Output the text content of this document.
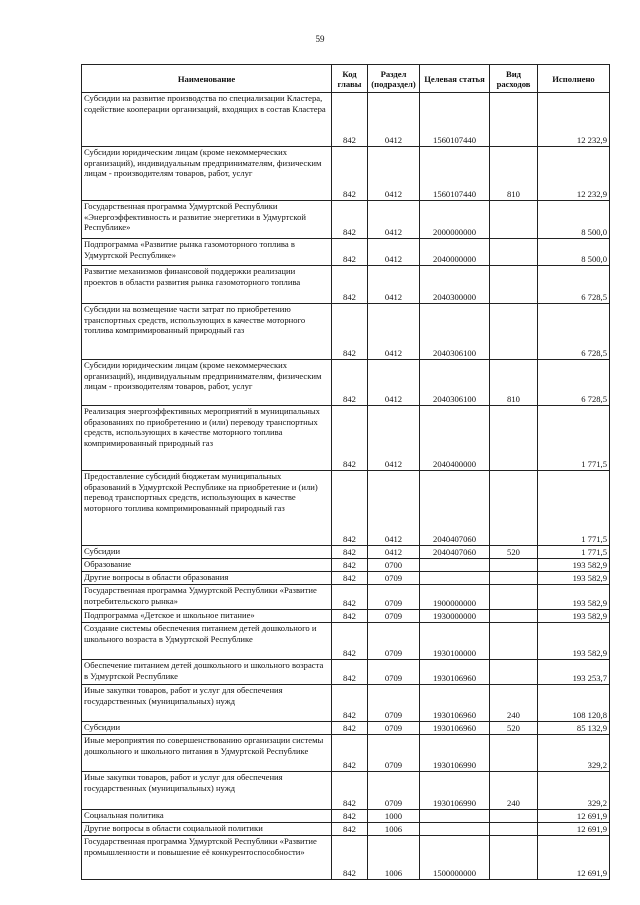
59
Наименование	Код главы	Раздел (подраздел)	Целевая статья	Вид расходов	Исполнено
Субсидии на развитие производства по специализации Кластера, содействие кооперации организаций, входящих в состав Кластера	842	0412	1560107440		12 232,9
Субсидии юридическим лицам (кроме некоммерческих организаций), индивидуальным предпринимателям, физическим лицам - производителям товаров, работ, услуг	842	0412	1560107440	810	12 232,9
Государственная программа Удмуртской Республики «Энергоэффективность и развитие энергетики в Удмуртской Республике»	842	0412	2000000000		8 500,0
Подпрограмма «Развитие рынка газомоторного топлива в Удмуртской Республике»	842	0412	2040000000		8 500,0
Развитие механизмов финансовой поддержки реализации проектов в области развития рынка газомоторного топлива	842	0412	2040300000		6 728,5
Субсидии на возмещение части затрат по приобретению транспортных средств, использующих в качестве моторного топлива компримированный природный газ	842	0412	2040306100		6 728,5
Субсидии юридическим лицам (кроме некоммерческих организаций), индивидуальным предпринимателям, физическим лицам - производителям товаров, работ, услуг	842	0412	2040306100	810	6 728,5
Реализация энергоэффективных мероприятий в муниципальных образованиях по приобретению и (или) переводу транспортных средств, использующих в качестве моторного топлива компримированный природный газ	842	0412	2040400000		1 771,5
Предоставление субсидий бюджетам муниципальных образований в Удмуртской Республике на приобретение и (или) перевод транспортных средств, использующих в качестве моторного топлива компримированный природный газ	842	0412	2040407060		1 771,5
Субсидии	842	0412	2040407060	520	1 771,5
Образование	842	0700			193 582,9
Другие вопросы в области образования	842	0709			193 582,9
Государственная программа Удмуртской Республики «Развитие потребительского рынка»	842	0709	1900000000		193 582,9
Подпрограмма «Детское и школьное питание»	842	0709	1930000000		193 582,9
Создание системы обеспечения питанием детей дошкольного и школьного возраста в Удмуртской Республике	842	0709	1930100000		193 582,9
Обеспечение питанием детей дошкольного и школьного возраста в Удмуртской Республике	842	0709	1930106960		193 253,7
Иные закупки товаров, работ и услуг для обеспечения государственных (муниципальных) нужд	842	0709	1930106960	240	108 120,8
Субсидии	842	0709	1930106960	520	85 132,9
Иные мероприятия по совершенствованию организации системы дошкольного и школьного питания в Удмуртской Республике	842	0709	1930106990		329,2
Иные закупки товаров, работ и услуг для обеспечения государственных (муниципальных) нужд	842	0709	1930106990	240	329,2
Социальная политика	842	1000			12 691,9
Другие вопросы в области социальной политики	842	1006			12 691,9
Государственная программа Удмуртской Республики «Развитие промышленности и повышение её конкурентоспособности»	842	1006	1500000000		12 691,9
